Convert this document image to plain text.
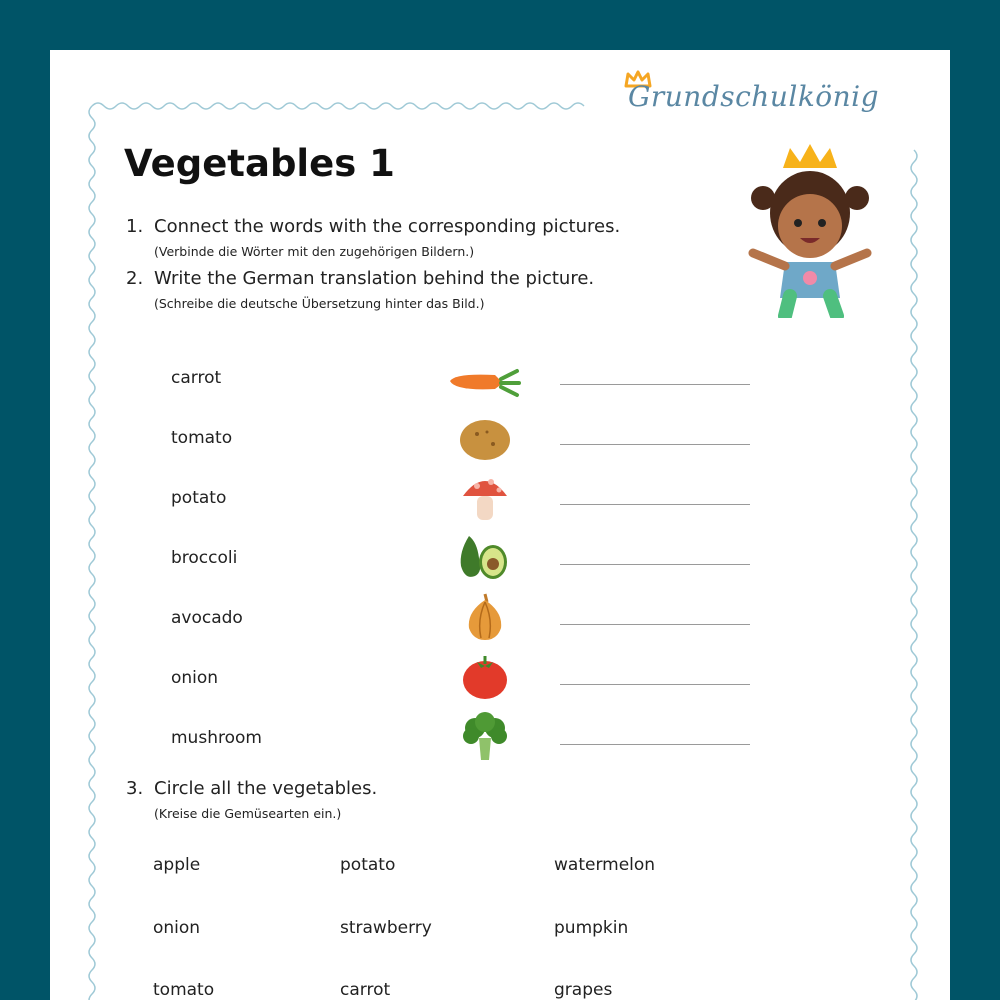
Grundschulkönig
Vegetables 1
1. Connect the words with the corresponding pictures.
(Verbinde die Wörter mit den zugehörigen Bildern.)
2. Write the German translation behind the picture.
(Schreibe die deutsche Übersetzung hinter das Bild.)
carrot
tomato
potato
broccoli
avocado
onion
mushroom
3. Circle all the vegetables.
(Kreise die Gemüsearten ein.)
apple	potato	watermelon
onion	strawberry	pumpkin
tomato	carrot	grapes
